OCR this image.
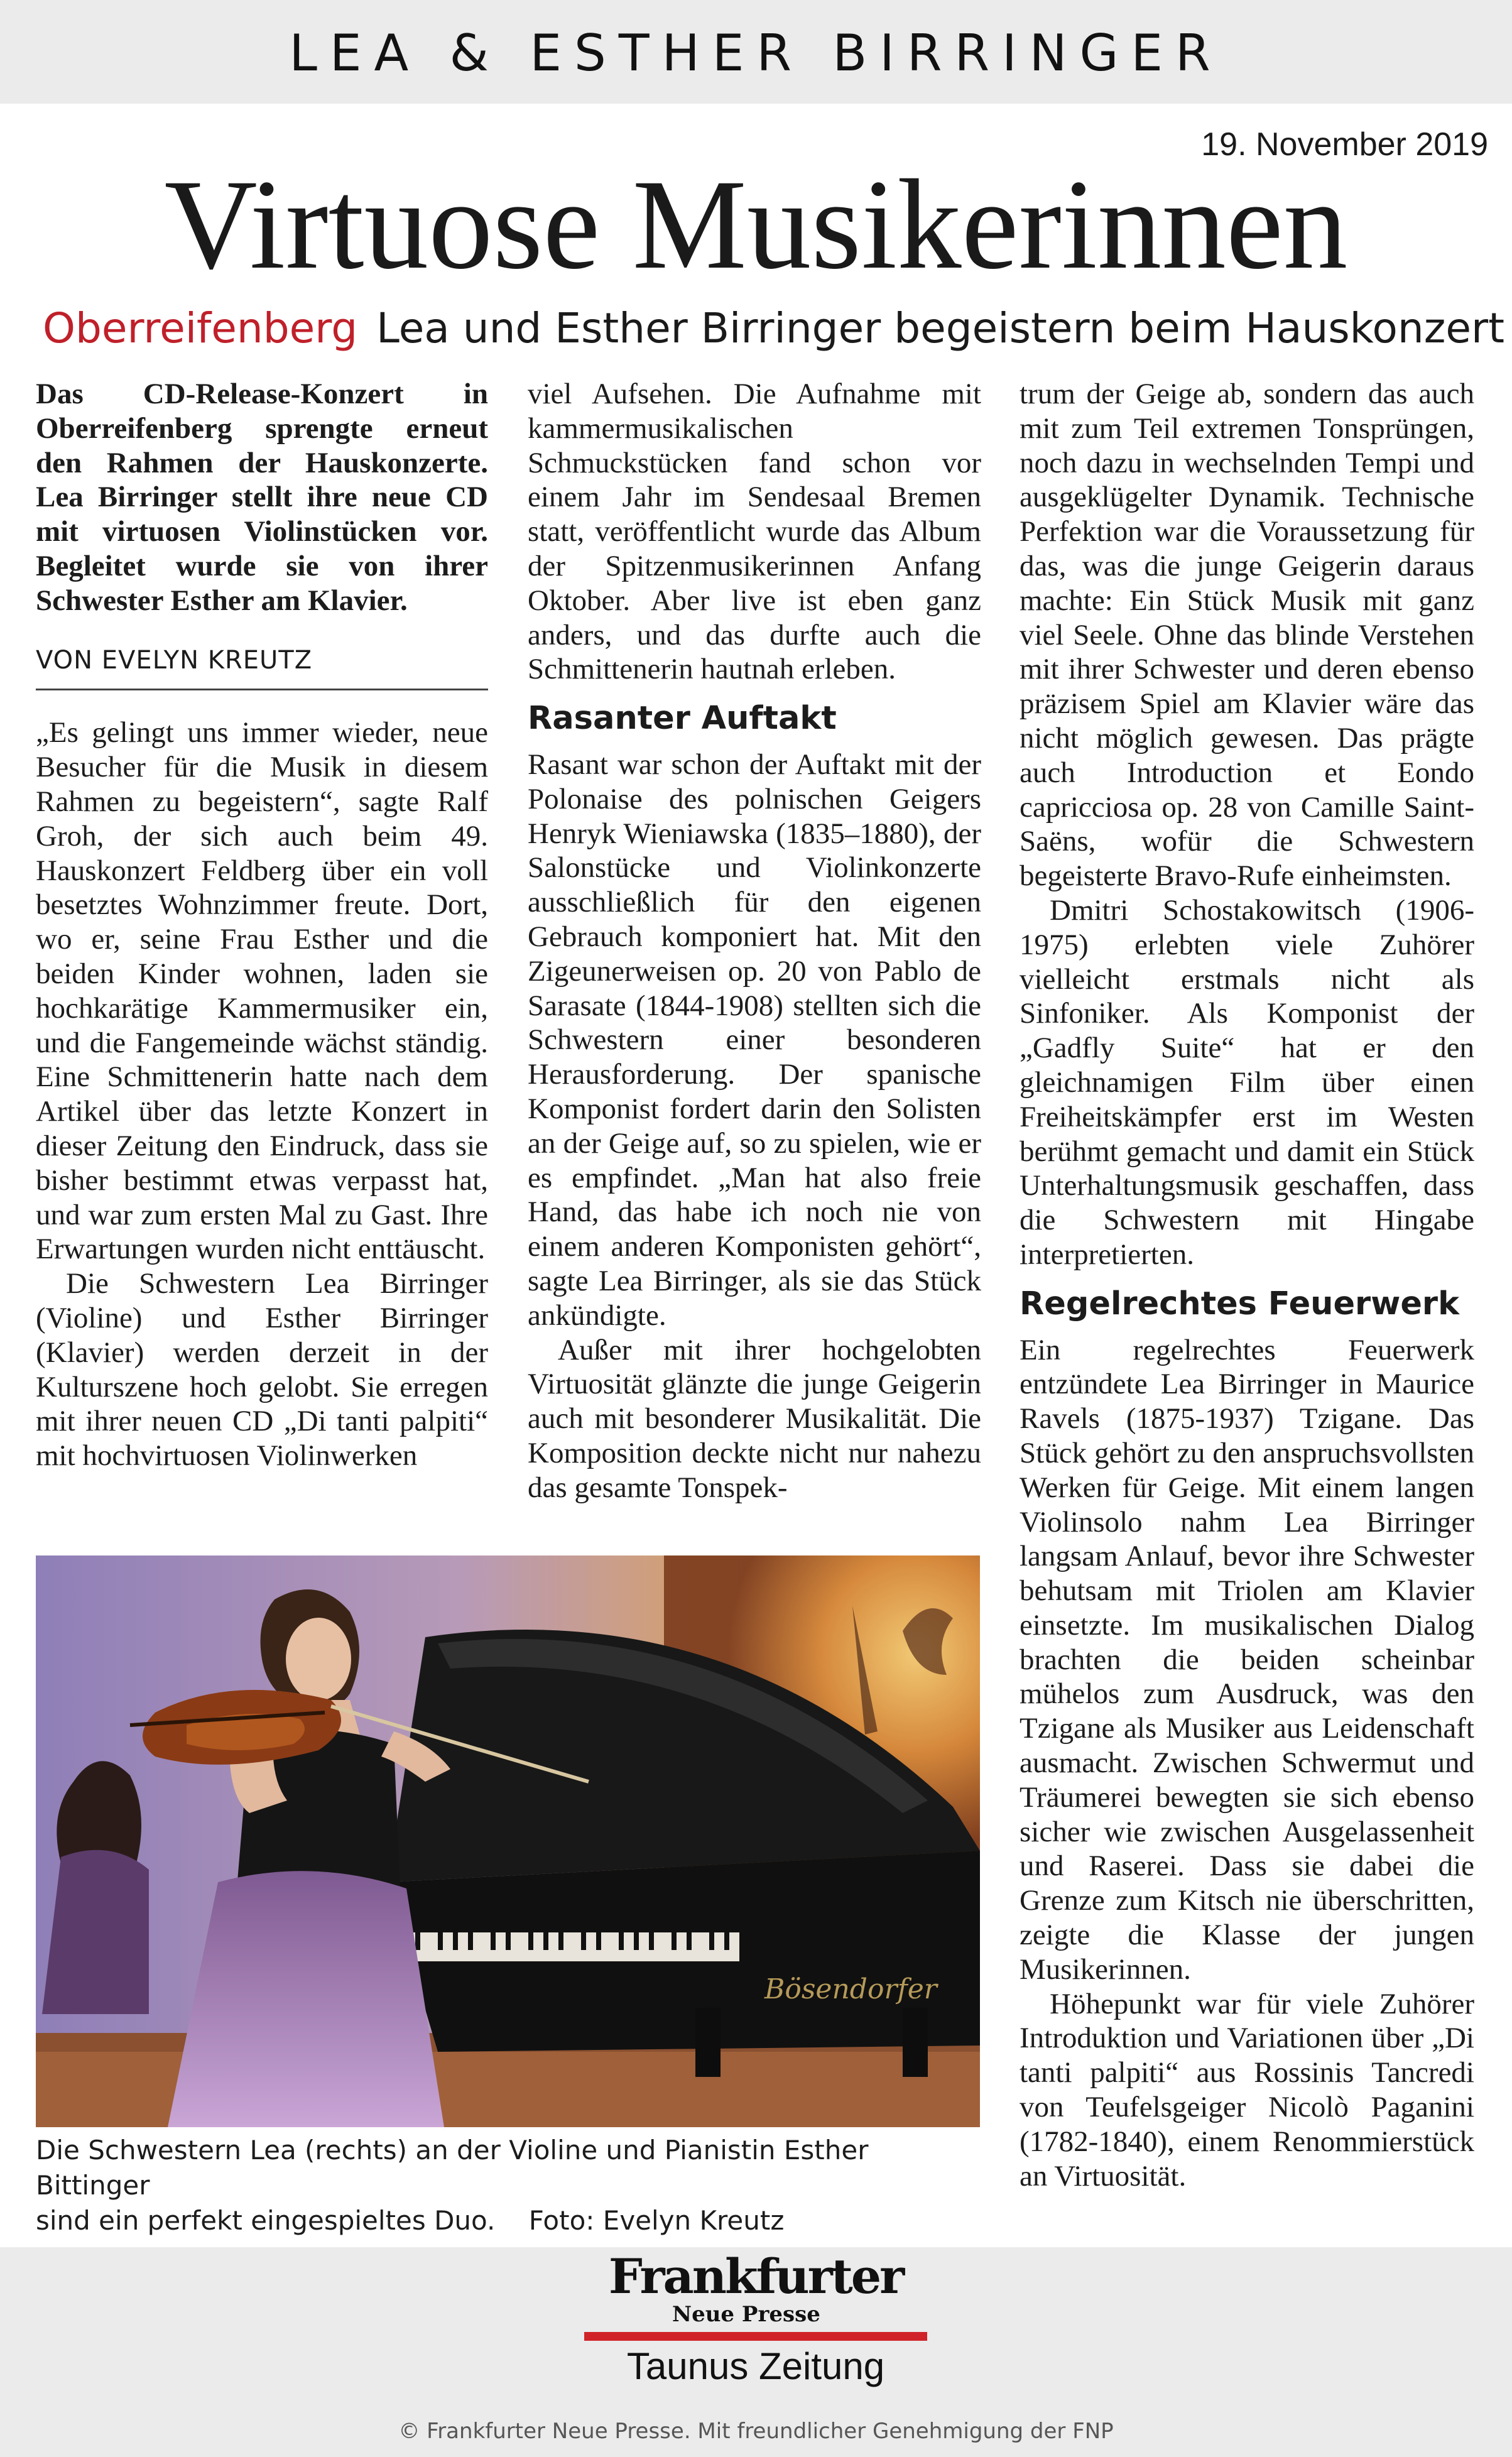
LEA & ESTHER BIRRINGER
19. November 2019
Virtuose Musikerinnen
Oberreifenberg Lea und Esther Birringer begeistern beim Hauskonzert

Das CD-Release-Konzert in Oberreifenberg sprengte erneut den Rahmen der Hauskonzerte. Lea Birringer stellt ihre neue CD mit virtuosen Violinstücken vor. Begleitet wurde sie von ihrer Schwester Esther am Klavier.

VON EVELYN KREUTZ

„Es gelingt uns immer wieder, neue Besucher für die Musik in diesem Rahmen zu begeistern“, sagte Ralf Groh, der sich auch beim 49. Hauskonzert Feldberg über ein voll besetztes Wohnzimmer freute. Dort, wo er, seine Frau Esther und die beiden Kinder wohnen, laden sie hochkarätige Kammermusiker ein, und die Fangemeinde wächst ständig. Eine Schmittenerin hatte nach dem Artikel über das letzte Konzert in dieser Zeitung den Eindruck, dass sie bisher bestimmt etwas verpasst hat, und war zum ersten Mal zu Gast. Ihre Erwartungen wurden nicht enttäuscht.

Die Schwestern Lea Birringer (Violine) und Esther Birringer (Klavier) werden derzeit in der Kulturszene hoch gelobt. Sie erregen mit ihrer neuen CD „Di tanti palpiti“ mit hochvirtuosen Violinwerken

viel Aufsehen. Die Aufnahme mit kammermusikalischen Schmuckstücken fand schon vor einem Jahr im Sendesaal Bremen statt, veröffentlicht wurde das Album der Spitzenmusikerinnen Anfang Oktober. Aber live ist eben ganz anders, und das durfte auch die Schmittenerin hautnah erleben.

Rasanter Auftakt

Rasant war schon der Auftakt mit der Polonaise des polnischen Geigers Henryk Wieniawska (1835–1880), der Salonstücke und Violinkonzerte ausschließlich für den eigenen Gebrauch komponiert hat. Mit den Zigeunerweisen op. 20 von Pablo de Sarasate (1844-1908) stellten sich die Schwestern einer besonderen Herausforderung. Der spanische Komponist fordert darin den Solisten an der Geige auf, so zu spielen, wie er es empfindet. „Man hat also freie Hand, das habe ich noch nie von einem anderen Komponisten gehört“, sagte Lea Birringer, als sie das Stück ankündigte.

Außer mit ihrer hochgelobten Virtuosität glänzte die junge Geigerin auch mit besonderer Musikalität. Die Komposition deckte nicht nur nahezu das gesamte Tonspek-

trum der Geige ab, sondern das auch mit zum Teil extremen Tonsprüngen, noch dazu in wechselnden Tempi und ausgeklügelter Dynamik. Technische Perfektion war die Voraussetzung für das, was die junge Geigerin daraus machte: Ein Stück Musik mit ganz viel Seele. Ohne das blinde Verstehen mit ihrer Schwester und deren ebenso präzisem Spiel am Klavier wäre das nicht möglich gewesen. Das prägte auch Introduction et Eondo capricciosa op. 28 von Camille Saint-Saëns, wofür die Schwestern begeisterte Bravo-Rufe einheimsten.

Dmitri Schostakowitsch (1906-1975) erlebten viele Zuhörer vielleicht erstmals nicht als Sinfoniker. Als Komponist der „Gadfly Suite“ hat er den gleichnamigen Film über einen Freiheitskämpfer erst im Westen berühmt gemacht und damit ein Stück Unterhaltungsmusik geschaffen, dass die Schwestern mit Hingabe interpretierten.

Regelrechtes Feuerwerk

Ein regelrechtes Feuerwerk entzündete Lea Birringer in Maurice Ravels (1875-1937) Tzigane. Das Stück gehört zu den anspruchsvollsten Werken für Geige. Mit einem langen Violinsolo nahm Lea Birringer langsam Anlauf, bevor ihre Schwester behutsam mit Triolen am Klavier einsetzte. Im musikalischen Dialog brachten die beiden scheinbar mühelos zum Ausdruck, was den Tzigane als Musiker aus Leidenschaft ausmacht. Zwischen Schwermut und Träumerei bewegten sie sich ebenso sicher wie zwischen Ausgelassenheit und Raserei. Dass sie dabei die Grenze zum Kitsch nie überschritten, zeigte die Klasse der jungen Musikerinnen.

Höhepunkt war für viele Zuhörer Introduktion und Variationen über „Di tanti palpiti“ aus Rossinis Tancredi von Teufelsgeiger Nicolò Paganini (1782-1840), einem Renommierstück an Virtuosität.

Bösendorfer
Die Schwestern Lea (rechts) an der Violine und Pianistin Esther Bittinger
sind ein perfekt eingespieltes Duo. Foto: Evelyn Kreutz
Frankfurter
Neue Presse
Taunus Zeitung
© Frankfurter Neue Presse. Mit freundlicher Genehmigung der FNP
